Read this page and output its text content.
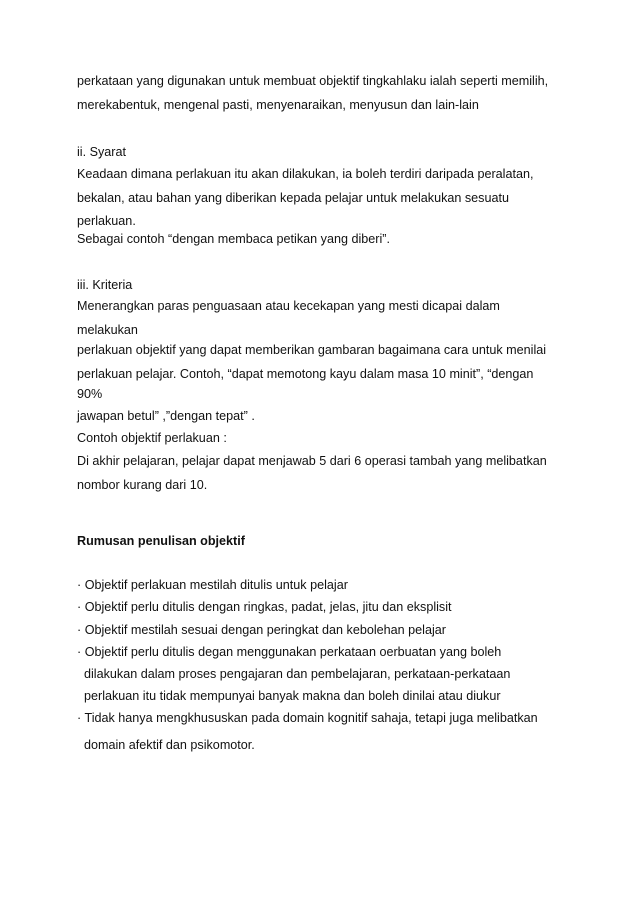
perkataan yang digunakan untuk membuat objektif tingkahlaku ialah seperti memilih,
merekabentuk, mengenal pasti, menyenaraikan, menyusun dan lain-lain
ii. Syarat
Keadaan dimana perlakuan itu akan dilakukan, ia boleh terdiri daripada peralatan,
bekalan, atau bahan yang diberikan kepada pelajar untuk melakukan sesuatu
perlakuan.
Sebagai contoh “dengan membaca petikan yang diberi”.
iii. Kriteria
Menerangkan paras penguasaan atau kecekapan yang mesti dicapai dalam
melakukan
perlakuan objektif yang dapat memberikan gambaran bagaimana cara untuk menilai
perlakuan pelajar. Contoh, “dapat memotong kayu dalam masa 10 minit”, “dengan
90%
jawapan betul” ,”dengan tepat” .
Contoh objektif perlakuan :
Di akhir pelajaran, pelajar dapat menjawab 5 dari 6 operasi tambah yang melibatkan
nombor kurang dari 10.
Rumusan penulisan objektif
· Objektif perlakuan mestilah ditulis untuk pelajar
· Objektif perlu ditulis dengan ringkas, padat, jelas, jitu dan eksplisit
· Objektif mestilah sesuai dengan peringkat dan kebolehan pelajar
· Objektif perlu ditulis degan menggunakan perkataan oerbuatan yang boleh
dilakukan dalam proses pengajaran dan pembelajaran, perkataan-perkataan
perlakuan itu tidak mempunyai banyak makna dan boleh dinilai atau diukur
· Tidak hanya mengkhususkan pada domain kognitif sahaja, tetapi juga melibatkan
domain afektif dan psikomotor.
